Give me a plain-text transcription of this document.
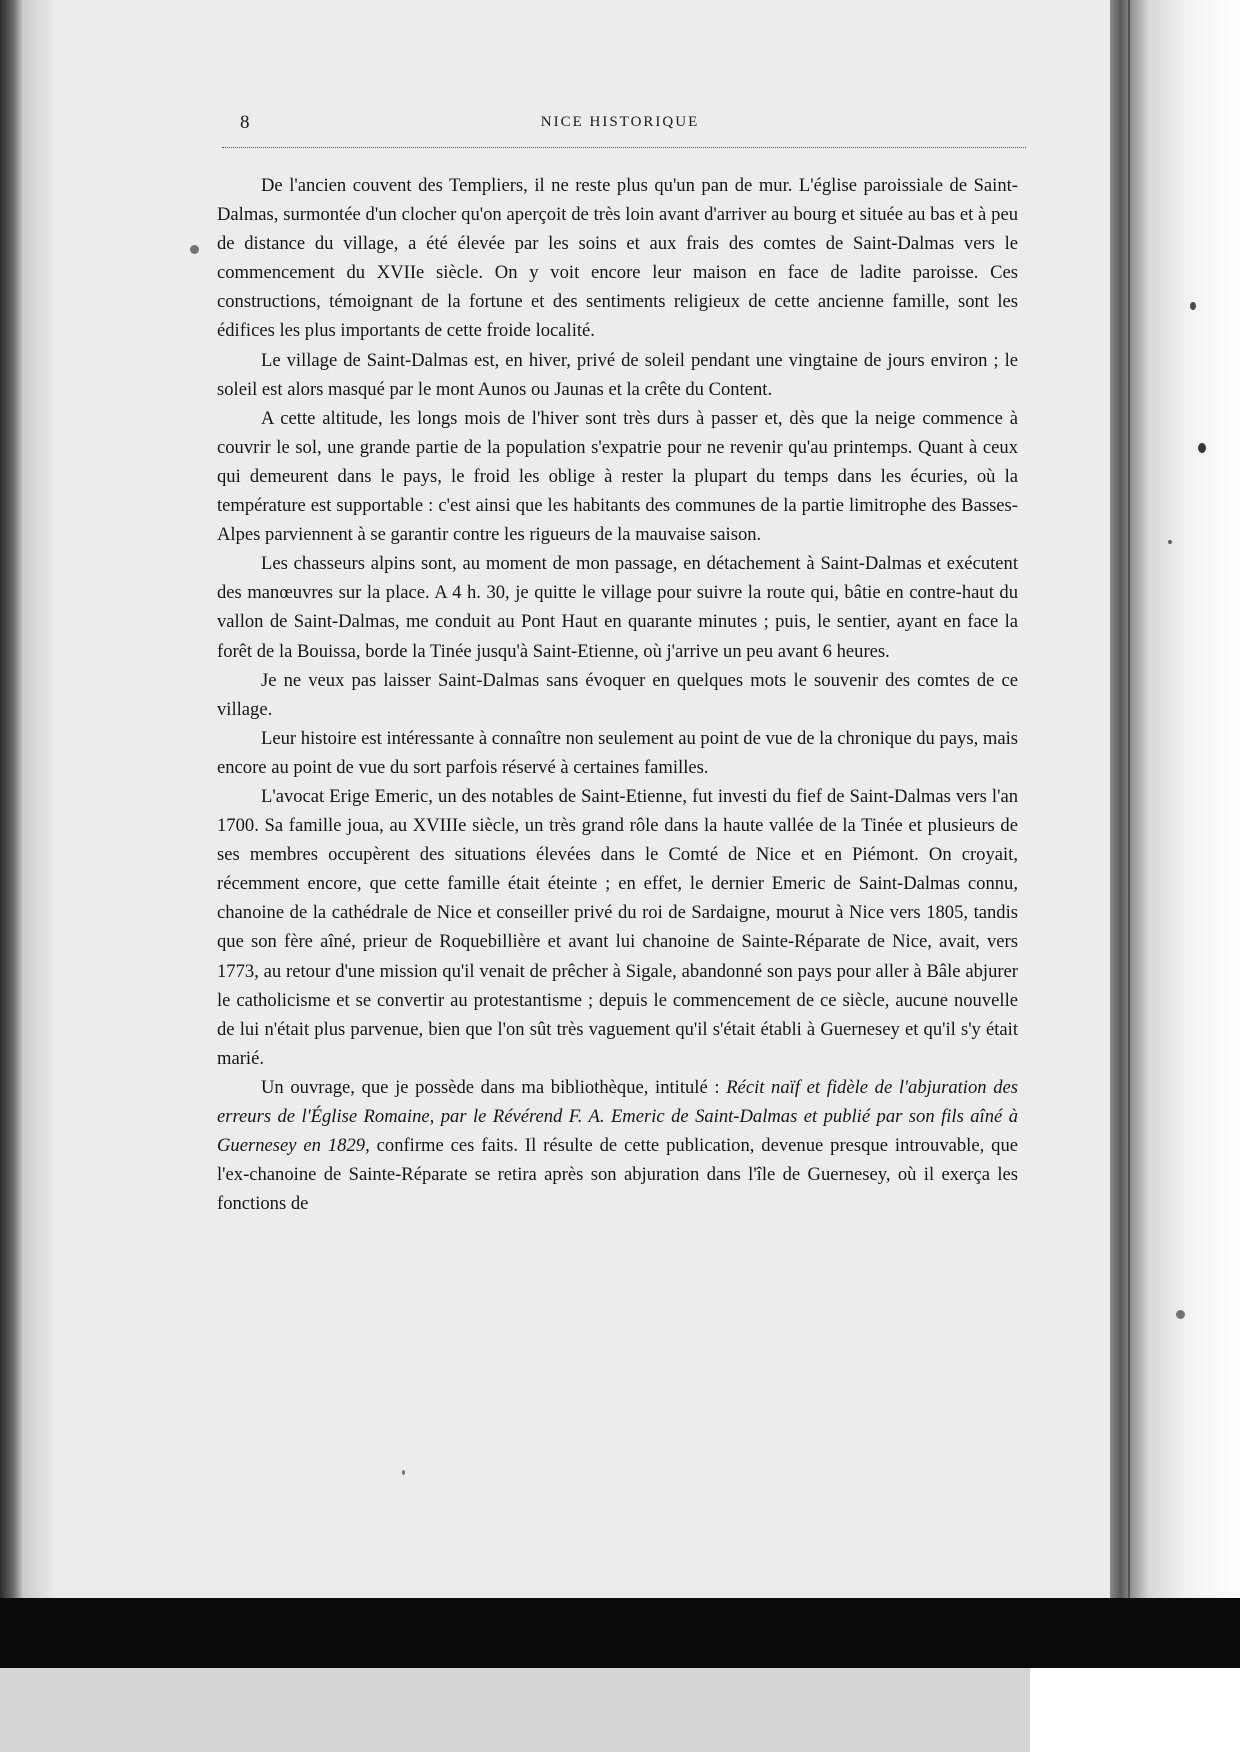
8	NICE HISTORIQUE

De l'ancien couvent des Templiers, il ne reste plus qu'un pan de mur. L'église paroissiale de Saint-Dalmas, surmontée d'un clocher qu'on aperçoit de très loin avant d'arriver au bourg et située au bas et à peu de distance du village, a été élevée par les soins et aux frais des comtes de Saint-Dalmas vers le commencement du XVIIe siècle. On y voit encore leur maison en face de ladite paroisse. Ces constructions, témoignant de la fortune et des sentiments religieux de cette ancienne famille, sont les édifices les plus importants de cette froide localité.

Le village de Saint-Dalmas est, en hiver, privé de soleil pendant une vingtaine de jours environ ; le soleil est alors masqué par le mont Aunos ou Jaunas et la crête du Content.

A cette altitude, les longs mois de l'hiver sont très durs à passer et, dès que la neige commence à couvrir le sol, une grande partie de la population s'expatrie pour ne revenir qu'au printemps. Quant à ceux qui demeurent dans le pays, le froid les oblige à rester la plupart du temps dans les écuries, où la température est supportable : c'est ainsi que les habitants des communes de la partie limitrophe des Basses-Alpes parviennent à se garantir contre les rigueurs de la mauvaise saison.

Les chasseurs alpins sont, au moment de mon passage, en détachement à Saint-Dalmas et exécutent des manœuvres sur la place. A 4 h. 30, je quitte le village pour suivre la route qui, bâtie en contre-haut du vallon de Saint-Dalmas, me conduit au Pont Haut en quarante minutes ; puis, le sentier, ayant en face la forêt de la Bouissa, borde la Tinée jusqu'à Saint-Etienne, où j'arrive un peu avant 6 heures.

Je ne veux pas laisser Saint-Dalmas sans évoquer en quelques mots le souvenir des comtes de ce village.

Leur histoire est intéressante à connaître non seulement au point de vue de la chronique du pays, mais encore au point de vue du sort parfois réservé à certaines familles.

L'avocat Erige Emeric, un des notables de Saint-Etienne, fut investi du fief de Saint-Dalmas vers l'an 1700. Sa famille joua, au XVIIIe siècle, un très grand rôle dans la haute vallée de la Tinée et plusieurs de ses membres occupèrent des situations élevées dans le Comté de Nice et en Piémont. On croyait, récemment encore, que cette famille était éteinte ; en effet, le dernier Emeric de Saint-Dalmas connu, chanoine de la cathédrale de Nice et conseiller privé du roi de Sardaigne, mourut à Nice vers 1805, tandis que son fère aîné, prieur de Roquebillière et avant lui chanoine de Sainte-Réparate de Nice, avait, vers 1773, au retour d'une mission qu'il venait de prêcher à Sigale, abandonné son pays pour aller à Bâle abjurer le catholicisme et se convertir au protestantisme ; depuis le commencement de ce siècle, aucune nouvelle de lui n'était plus parvenue, bien que l'on sût très vaguement qu'il s'était établi à Guernesey et qu'il s'y était marié.

Un ouvrage, que je possède dans ma bibliothèque, intitulé : Récit naïf et fidèle de l'abjuration des erreurs de l'Église Romaine, par le Révérend F. A. Emeric de Saint-Dalmas et publié par son fils aîné à Guernesey en 1829, confirme ces faits. Il résulte de cette publication, devenue presque introuvable, que l'ex-chanoine de Sainte-Réparate se retira après son abjuration dans l'île de Guernesey, où il exerça les fonctions de
